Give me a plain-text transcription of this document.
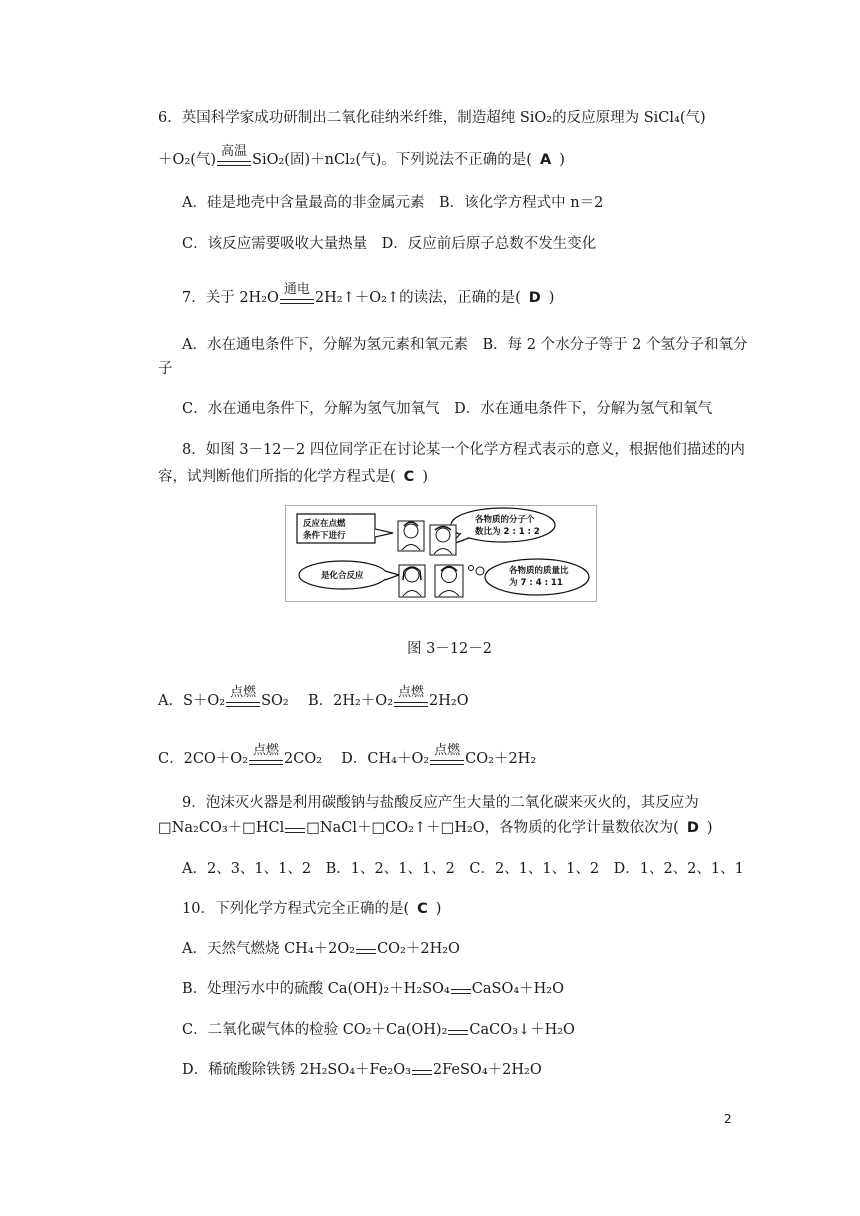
6．英国科学家成功研制出二氧化硅纳米纤维，制造超纯 SiO₂的反应原理为 SiCl₄(气)
＋O₂(气)
高温
SiO₂(固)＋nCl₂(气)。下列说法不正确的是( A )
A．硅是地壳中含量最高的非金属元素　B．该化学方程式中 n＝2
C．该反应需要吸收大量热量　D．反应前后原子总数不发生变化
7．关于 2H₂O
通电
2H₂↑＋O₂↑的读法，正确的是( D )
A．水在通电条件下，分解为氢元素和氧元素　B．每 2 个水分子等于 2 个氢分子和氧分
子
C．水在通电条件下，分解为氢气加氧气　D．水在通电条件下，分解为氢气和氧气
8．如图 3－12－2 四位同学正在讨论某一个化学方程式表示的意义，根据他们描述的内
容，试判断他们所指的化学方程式是( C )
反应在点燃
条件下进行
各物质的分子个
数比为 2 : 1 : 2
是化合反应	各物质的质量比
为 7 : 4 : 11
图 3－12－2
A．S＋O₂
点燃
SO₂ B．2H₂＋O₂
点燃
2H₂O
C．2CO＋O₂
点燃
2CO₂ D．CH₄＋O₂
点燃
CO₂＋2H₂
9．泡沫灭火器是利用碳酸钠与盐酸反应产生大量的二氧化碳来灭火的，其反应为
□Na₂CO₃＋□HCl □NaCl＋□CO₂↑＋□H₂O，各物质的化学计量数依次为( D )
A．2、3、1、1、2　B．1、2、1、1、2　C．2、1、1、1、2　D．1、2、2、1、1
10．下列化学方程式完全正确的是( C )
A．天然气燃烧 CH₄＋2O₂ CO₂＋2H₂O
B．处理污水中的硫酸 Ca(OH)₂＋H₂SO₄ CaSO₄＋H₂O
C．二氧化碳气体的检验 CO₂＋Ca(OH)₂ CaCO₃↓＋H₂O
D．稀硫酸除铁锈 2H₂SO₄＋Fe₂O₃ 2FeSO₄＋2H₂O
2
